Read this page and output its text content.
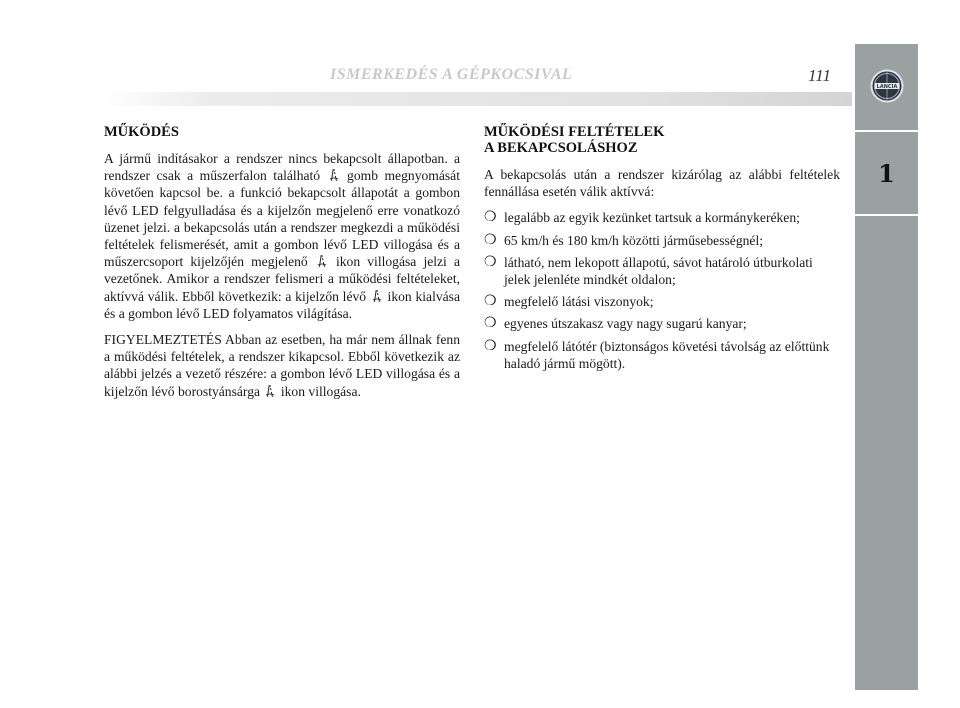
ISMERKEDÉS A GÉPKOCSIVAL	111
LANCIA
1
MŰKÖDÉS

A jármű indításakor a rendszer nincs bekapcsolt állapotban. a rendszer csak a műszerfalon található  gomb megnyomását követően kapcsol be. a funkció bekapcsolt állapotát a gombon lévő LED felgyulladása és a kijelzőn megjelenő erre vonatkozó üzenet jelzi. a bekapcsolás után a rendszer megkezdi a működési feltételek felismerését, amit a gombon lévő LED villogása és a műszercsoport kijelzőjén megjelenő  ikon villogása jelzi a vezetőnek. Amikor a rendszer felismeri a működési feltételeket, aktívvá válik. Ebből következik: a kijelzőn lévő  ikon kialvása és a gombon lévő LED folyamatos világítása.

FIGYELMEZTETÉS Abban az esetben, ha már nem állnak fenn a működési feltételek, a rendszer kikapcsol. Ebből következik az alábbi jelzés a vezető részére: a gombon lévő LED villogása és a kijelzőn lévő borostyánsárga  ikon villogása.

MŰKÖDÉSI FELTÉTELEK
A BEKAPCSOLÁSHOZ

A bekapcsolás után a rendszer kizárólag az alábbi feltételek fennállása esetén válik aktívvá:

❍ legalább az egyik kezünket tartsuk a kormánykeréken;
❍ 65 km/h és 180 km/h közötti járműsebességnél;
❍ látható, nem lekopott állapotú, sávot határoló útburkolati jelek jelenléte mindkét oldalon;
❍ megfelelő látási viszonyok;
❍ egyenes útszakasz vagy nagy sugarú kanyar;
❍ megfelelő látótér (biztonságos követési távolság az előttünk haladó jármű mögött).
